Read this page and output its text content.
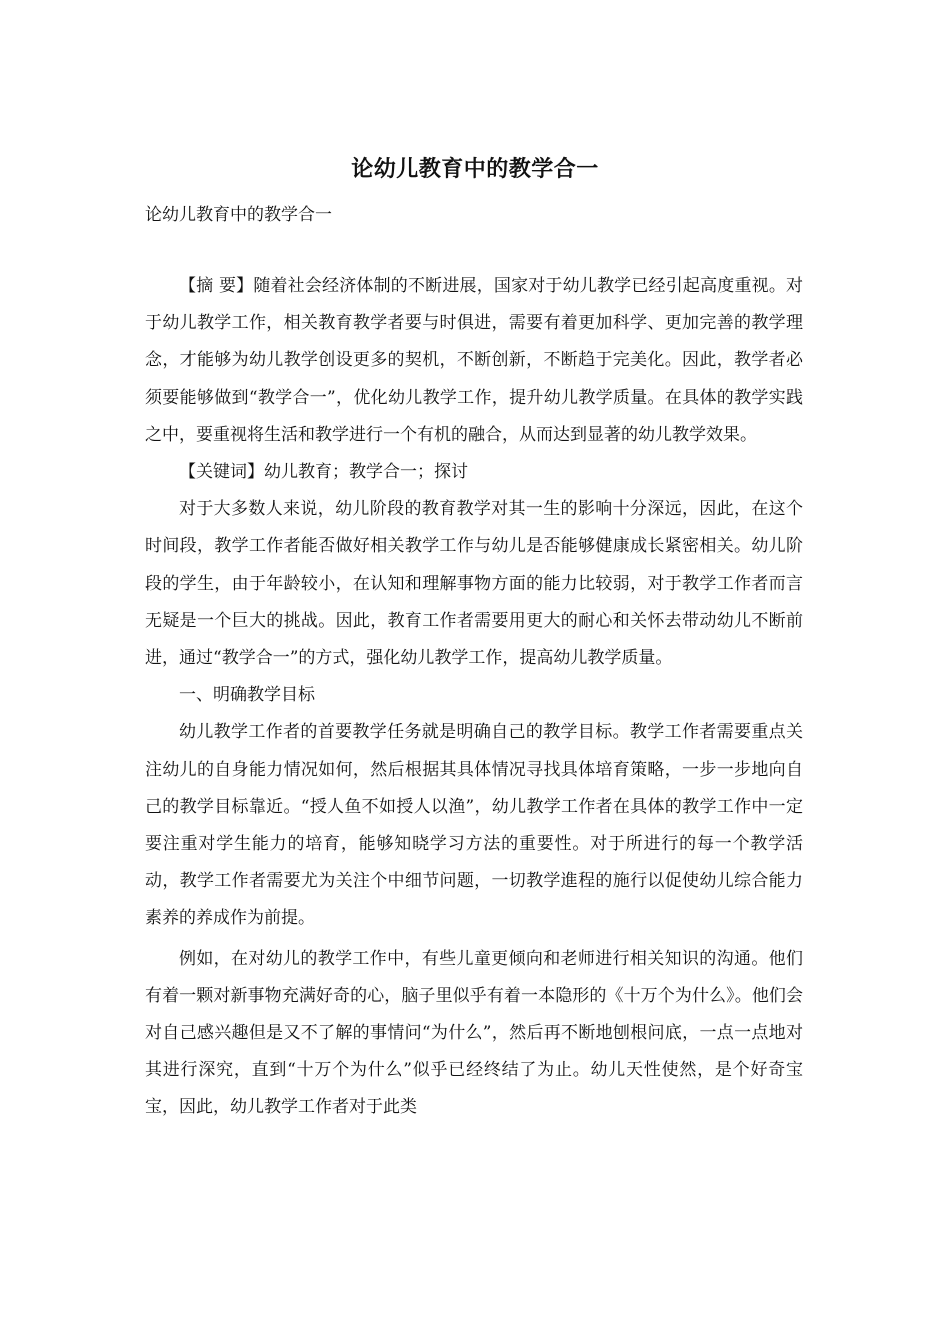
论幼儿教育中的教学合一
论幼儿教育中的教学合一

【摘 要】随着社会经济体制的不断进展，国家对于幼儿教学已经引起高度重视。对于幼儿教学工作，相关教育教学者要与时俱进，需要有着更加科学、更加完善的教学理念，才能够为幼儿教学创设更多的契机，不断创新，不断趋于完美化。因此，教学者必须要能够做到“教学合一”，优化幼儿教学工作，提升幼儿教学质量。在具体的教学实践之中，要重视将生活和教学进行一个有机的融合，从而达到显著的幼儿教学效果。

【关键词】幼儿教育；教学合一；探讨

对于大多数人来说，幼儿阶段的教育教学对其一生的影响十分深远，因此，在这个时间段，教学工作者能否做好相关教学工作与幼儿是否能够健康成长紧密相关。幼儿阶段的学生，由于年龄较小，在认知和理解事物方面的能力比较弱，对于教学工作者而言无疑是一个巨大的挑战。因此，教育工作者需要用更大的耐心和关怀去带动幼儿不断前进，通过“教学合一”的方式，强化幼儿教学工作，提高幼儿教学质量。

一、明确教学目标

幼儿教学工作者的首要教学任务就是明确自己的教学目标。教学工作者需要重点关注幼儿的自身能力情况如何，然后根据其具体情况寻找具体培育策略，一步一步地向自己的教学目标靠近。“授人鱼不如授人以渔”，幼儿教学工作者在具体的教学工作中一定要注重对学生能力的培育，能够知晓学习方法的重要性。对于所进行的每一个教学活动，教学工作者需要尤为关注个中细节问题，一切教学進程的施行以促使幼儿综合能力素养的养成作为前提。

例如，在对幼儿的教学工作中，有些儿童更倾向和老师进行相关知识的沟通。他们有着一颗对新事物充满好奇的心，脑子里似乎有着一本隐形的《十万个为什么》。他们会对自己感兴趣但是又不了解的事情问“为什么”，然后再不断地刨根问底，一点一点地对其进行深究，直到“十万个为什么”似乎已经终结了为止。幼儿天性使然，是个好奇宝宝，因此，幼儿教学工作者对于此类
